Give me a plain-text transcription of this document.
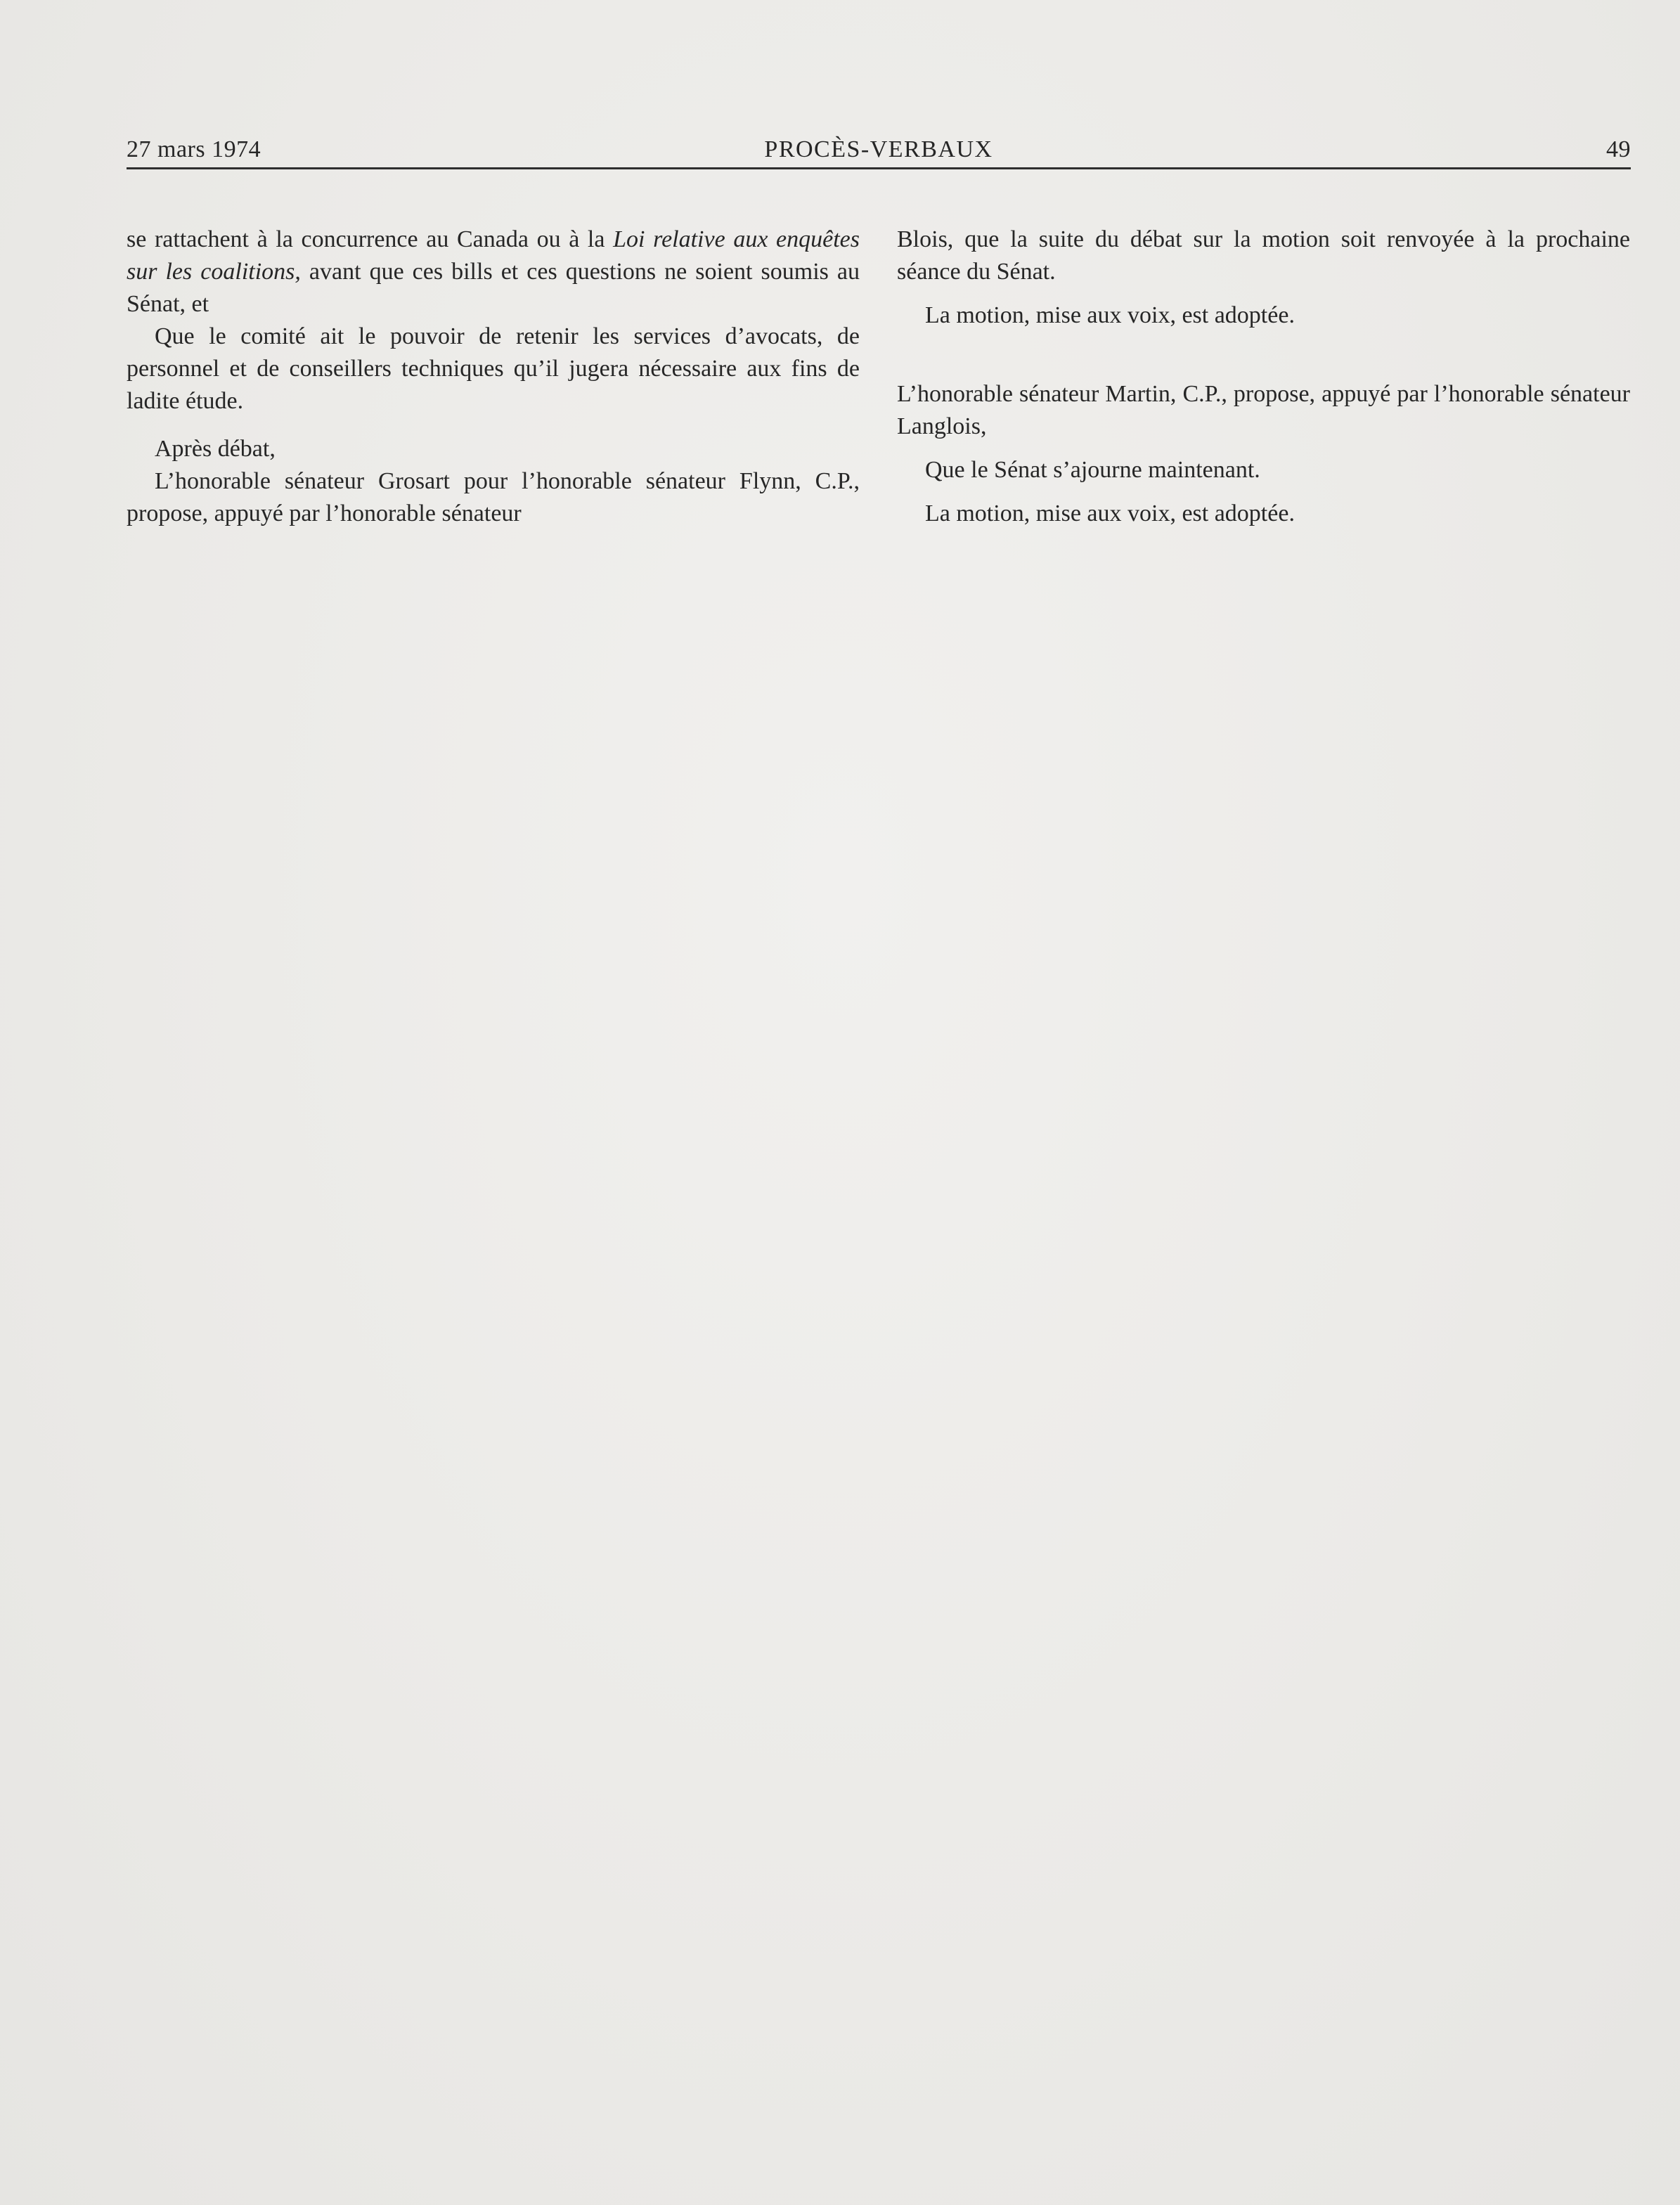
27 mars 1974	PROCÈS-VERBAUX	49

se rattachent à la concurrence au Canada ou à la Loi relative aux enquêtes sur les coalitions, avant que ces bills et ces questions ne soient soumis au Sénat, et

Que le comité ait le pouvoir de retenir les services d’avocats, de personnel et de conseillers techniques qu’il jugera nécessaire aux fins de ladite étude.

Après débat,

L’honorable sénateur Grosart pour l’honorable sénateur Flynn, C.P., propose, appuyé par l’honorable sénateur

Blois, que la suite du débat sur la motion soit renvoyée à la prochaine séance du Sénat.

La motion, mise aux voix, est adoptée.

L’honorable sénateur Martin, C.P., propose, appuyé par l’honorable sénateur Langlois,

Que le Sénat s’ajourne maintenant.

La motion, mise aux voix, est adoptée.
